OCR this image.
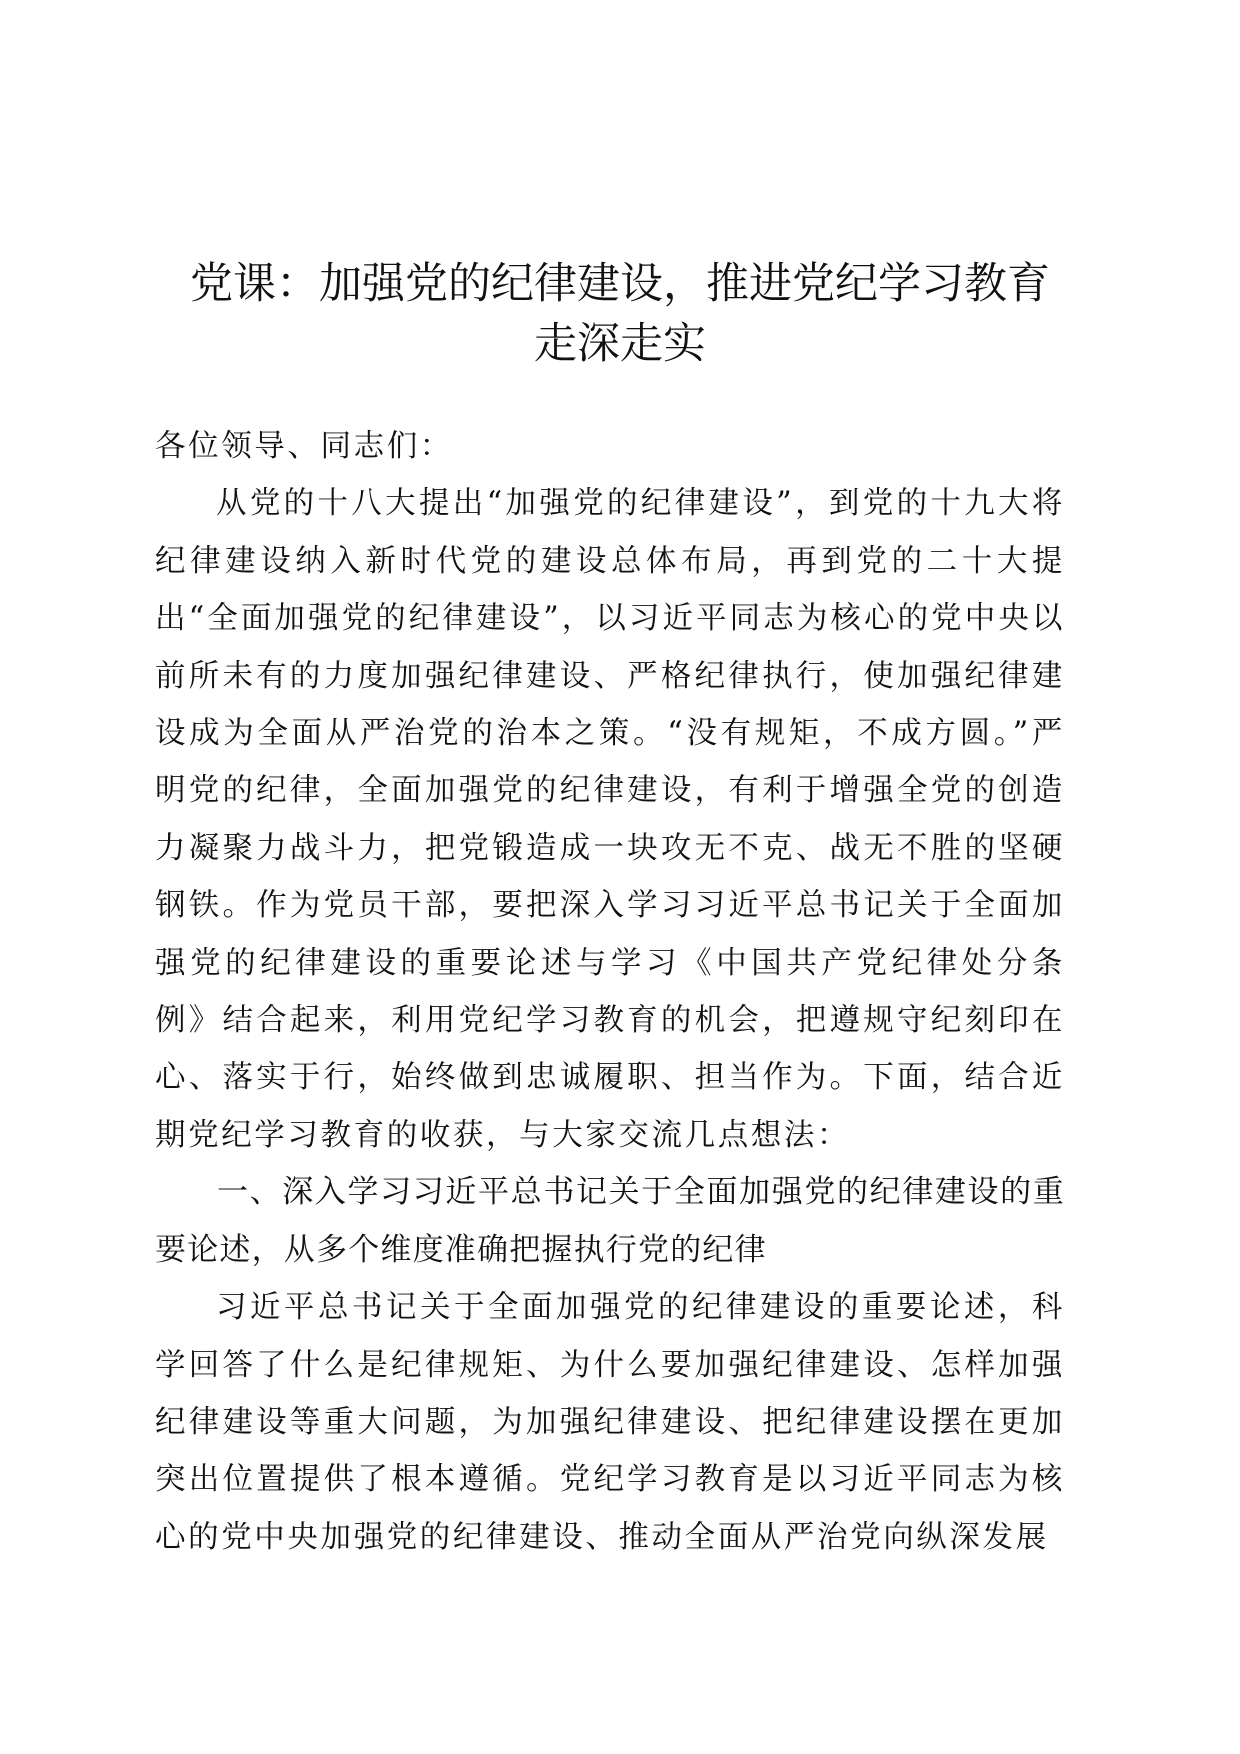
党课：加强党的纪律建设，推进党纪学习教育
走深走实

各位领导、同志们：

从党的十八大提出“加强党的纪律建设”，到党的十九大将纪律建设纳入新时代党的建设总体布局，再到党的二十大提出“全面加强党的纪律建设”，以习近平同志为核心的党中央以前所未有的力度加强纪律建设、严格纪律执行，使加强纪律建设成为全面从严治党的治本之策。“没有规矩，不成方圆。”严明党的纪律，全面加强党的纪律建设，有利于增强全党的创造力凝聚力战斗力，把党锻造成一块攻无不克、战无不胜的坚硬钢铁。作为党员干部，要把深入学习习近平总书记关于全面加强党的纪律建设的重要论述与学习《中国共产党纪律处分条例》结合起来，利用党纪学习教育的机会，把遵规守纪刻印在心、落实于行，始终做到忠诚履职、担当作为。下面，结合近期党纪学习教育的收获，与大家交流几点想法：

一、深入学习习近平总书记关于全面加强党的纪律建设的重要论述，从多个维度准确把握执行党的纪律

习近平总书记关于全面加强党的纪律建设的重要论述，科学回答了什么是纪律规矩、为什么要加强纪律建设、怎样加强纪律建设等重大问题，为加强纪律建设、把纪律建设摆在更加突出位置提供了根本遵循。党纪学习教育是以习近平同志为核心的党中央加强党的纪律建设、推动全面从严治党向纵深发展
